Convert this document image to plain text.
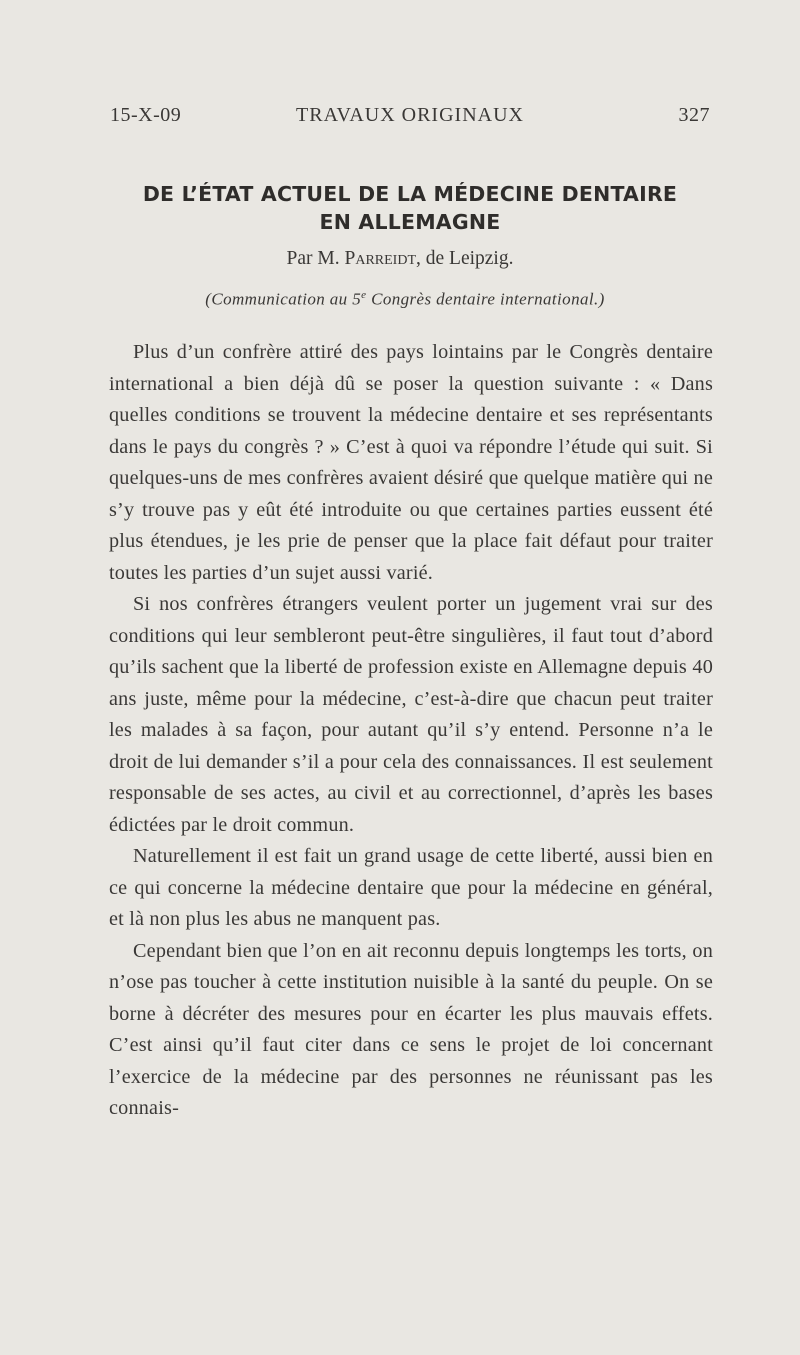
15-X-09	TRAVAUX ORIGINAUX	327
DE L’ÉTAT ACTUEL DE LA MÉDECINE DENTAIRE
EN ALLEMAGNE
Par M. Parreidt, de Leipzig.
(Communication au 5e Congrès dentaire international.)

Plus d’un confrère attiré des pays lointains par le Congrès dentaire international a bien déjà dû se poser la question suivante : « Dans quelles conditions se trouvent la médecine dentaire et ses représentants dans le pays du congrès ? » C’est à quoi va répondre l’étude qui suit. Si quelques-uns de mes confrères avaient désiré que quelque matière qui ne s’y trouve pas y eût été introduite ou que certaines parties eussent été plus étendues, je les prie de penser que la place fait défaut pour traiter toutes les parties d’un sujet aussi varié.

Si nos confrères étrangers veulent porter un jugement vrai sur des conditions qui leur sembleront peut-être singulières, il faut tout d’abord qu’ils sachent que la liberté de profession existe en Allemagne depuis 40 ans juste, même pour la médecine, c’est-à-dire que chacun peut traiter les malades à sa façon, pour autant qu’il s’y entend. Personne n’a le droit de lui demander s’il a pour cela des connaissances. Il est seulement responsable de ses actes, au civil et au correctionnel, d’après les bases édictées par le droit commun.

Naturellement il est fait un grand usage de cette liberté, aussi bien en ce qui concerne la médecine dentaire que pour la médecine en général, et là non plus les abus ne manquent pas.

Cependant bien que l’on en ait reconnu depuis longtemps les torts, on n’ose pas toucher à cette institution nuisible à la santé du peuple. On se borne à décréter des mesures pour en écarter les plus mauvais effets. C’est ainsi qu’il faut citer dans ce sens le projet de loi concernant l’exercice de la médecine par des personnes ne réunissant pas les connais-
